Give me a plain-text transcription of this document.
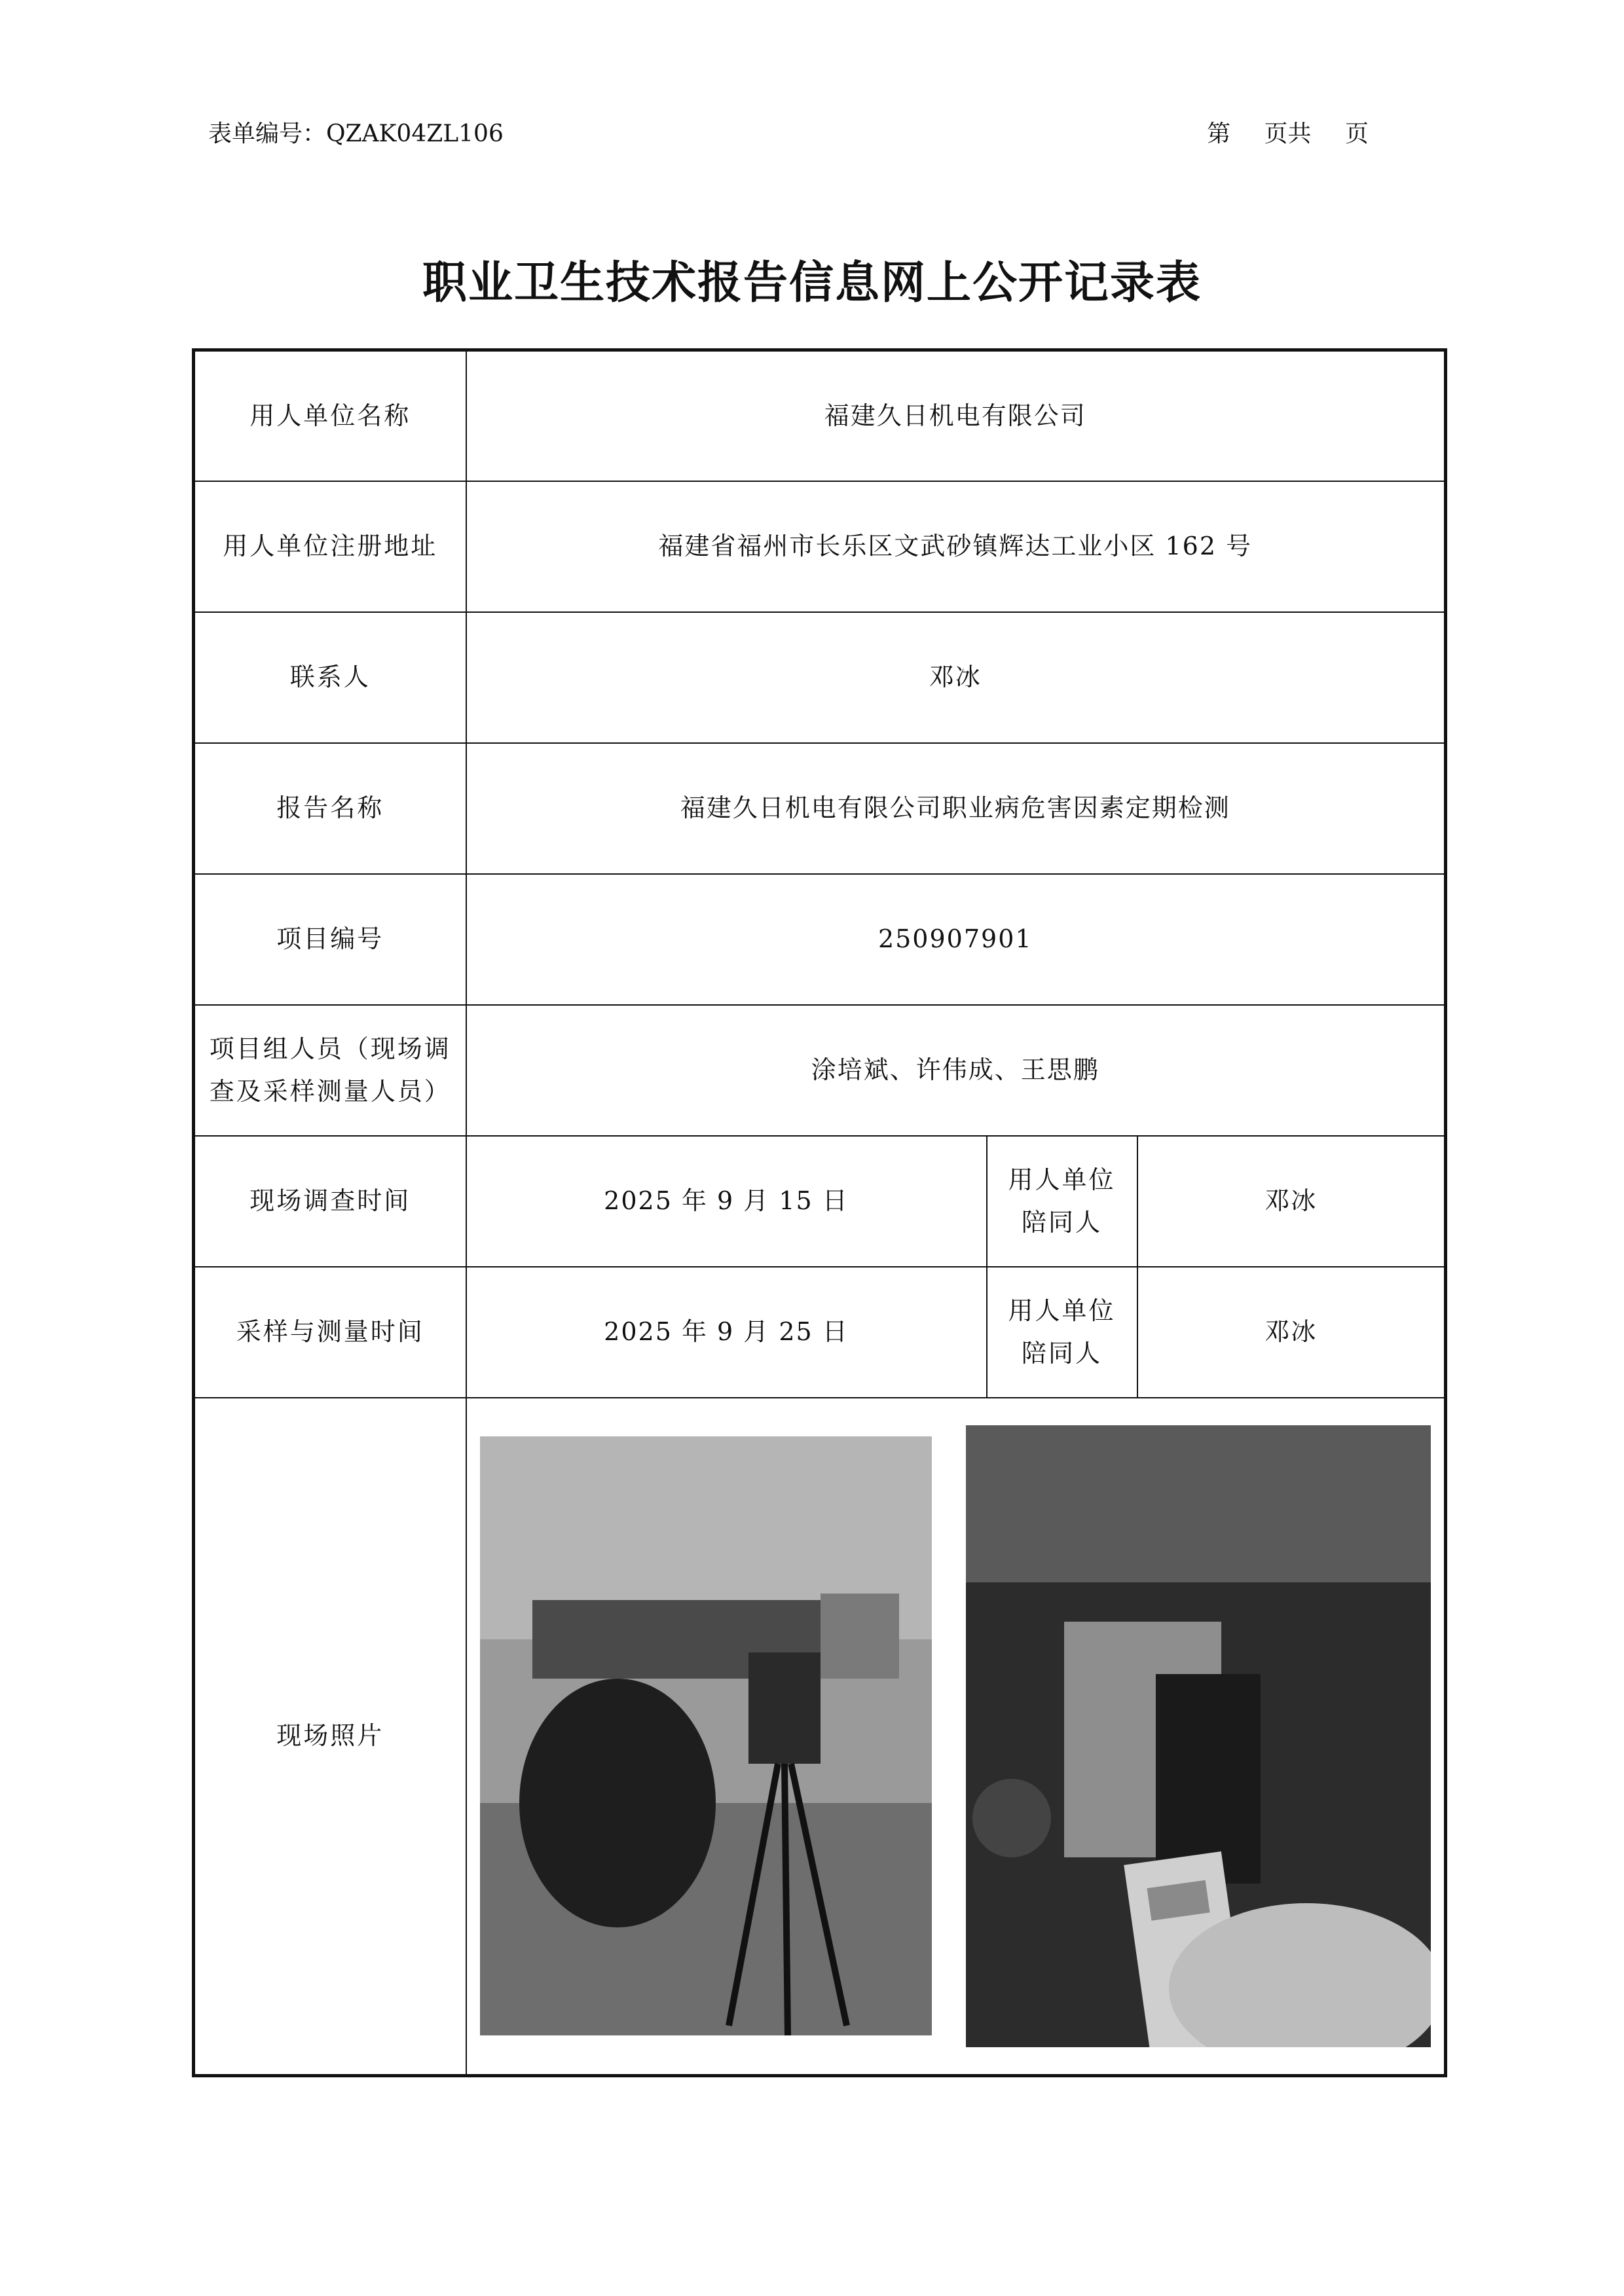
表单编号：QZAK04ZL106	第 页共 页
职业卫生技术报告信息网上公开记录表
用人单位名称	福建久日机电有限公司		
用人单位注册地址	福建省福州市长乐区文武砂镇辉达工业小区 162 号		
联系人	邓冰		
报告名称	福建久日机电有限公司职业病危害因素定期检测		
项目编号	250907901		
项目组人员（现场调查及采样测量人员）	涂培斌、许伟成、王思鹏		
现场调查时间	2025 年 9 月 15 日	用人单位陪同人	邓冰
采样与测量时间	2025 年 9 月 25 日	用人单位陪同人	邓冰
现场照片	
